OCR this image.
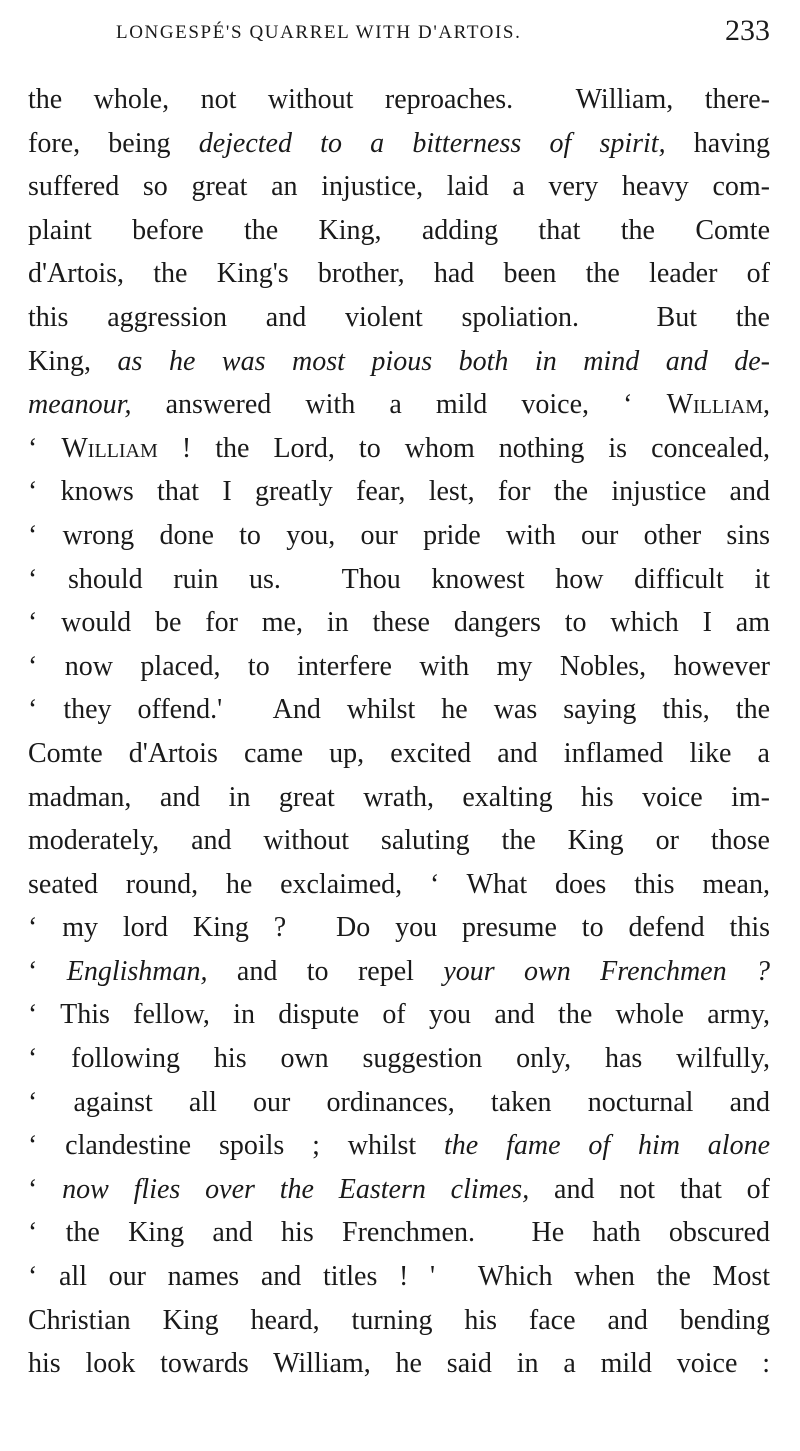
LONGESPÉ'S QUARREL WITH D'ARTOIS.	233
the whole, not without reproaches.  William, there-
fore, being dejected to a bitterness of spirit, having
suffered so great an injustice, laid a very heavy com-
plaint before the King, adding that the Comte
d'Artois, the King's brother, had been the leader of
this aggression and violent spoliation.  But the
King, as he was most pious both in mind and de-
meanour, answered with a mild voice, ‘ William,
‘ William ! the Lord, to whom nothing is concealed,
‘ knows that I greatly fear, lest, for the injustice and
‘ wrong done to you, our pride with our other sins
‘ should ruin us.  Thou knowest how difficult it
‘ would be for me, in these dangers to which I am
‘ now placed, to interfere with my Nobles, however
‘ they offend.'  And whilst he was saying this, the
Comte d'Artois came up, excited and inflamed like a
madman, and in great wrath, exalting his voice im-
moderately, and without saluting the King or those
seated round, he exclaimed, ‘ What does this mean,
‘ my lord King ?  Do you presume to defend this
‘ Englishman, and to repel your own Frenchmen ?
‘ This fellow, in dispute of you and the whole army,
‘ following his own suggestion only, has wilfully,
‘ against all our ordinances, taken nocturnal and
‘ clandestine spoils ; whilst the fame of him alone
‘ now flies over the Eastern climes, and not that of
‘ the King and his Frenchmen.  He hath obscured
‘ all our names and titles ! '  Which when the Most
Christian King heard, turning his face and bending
his look towards William, he said in a mild voice :
